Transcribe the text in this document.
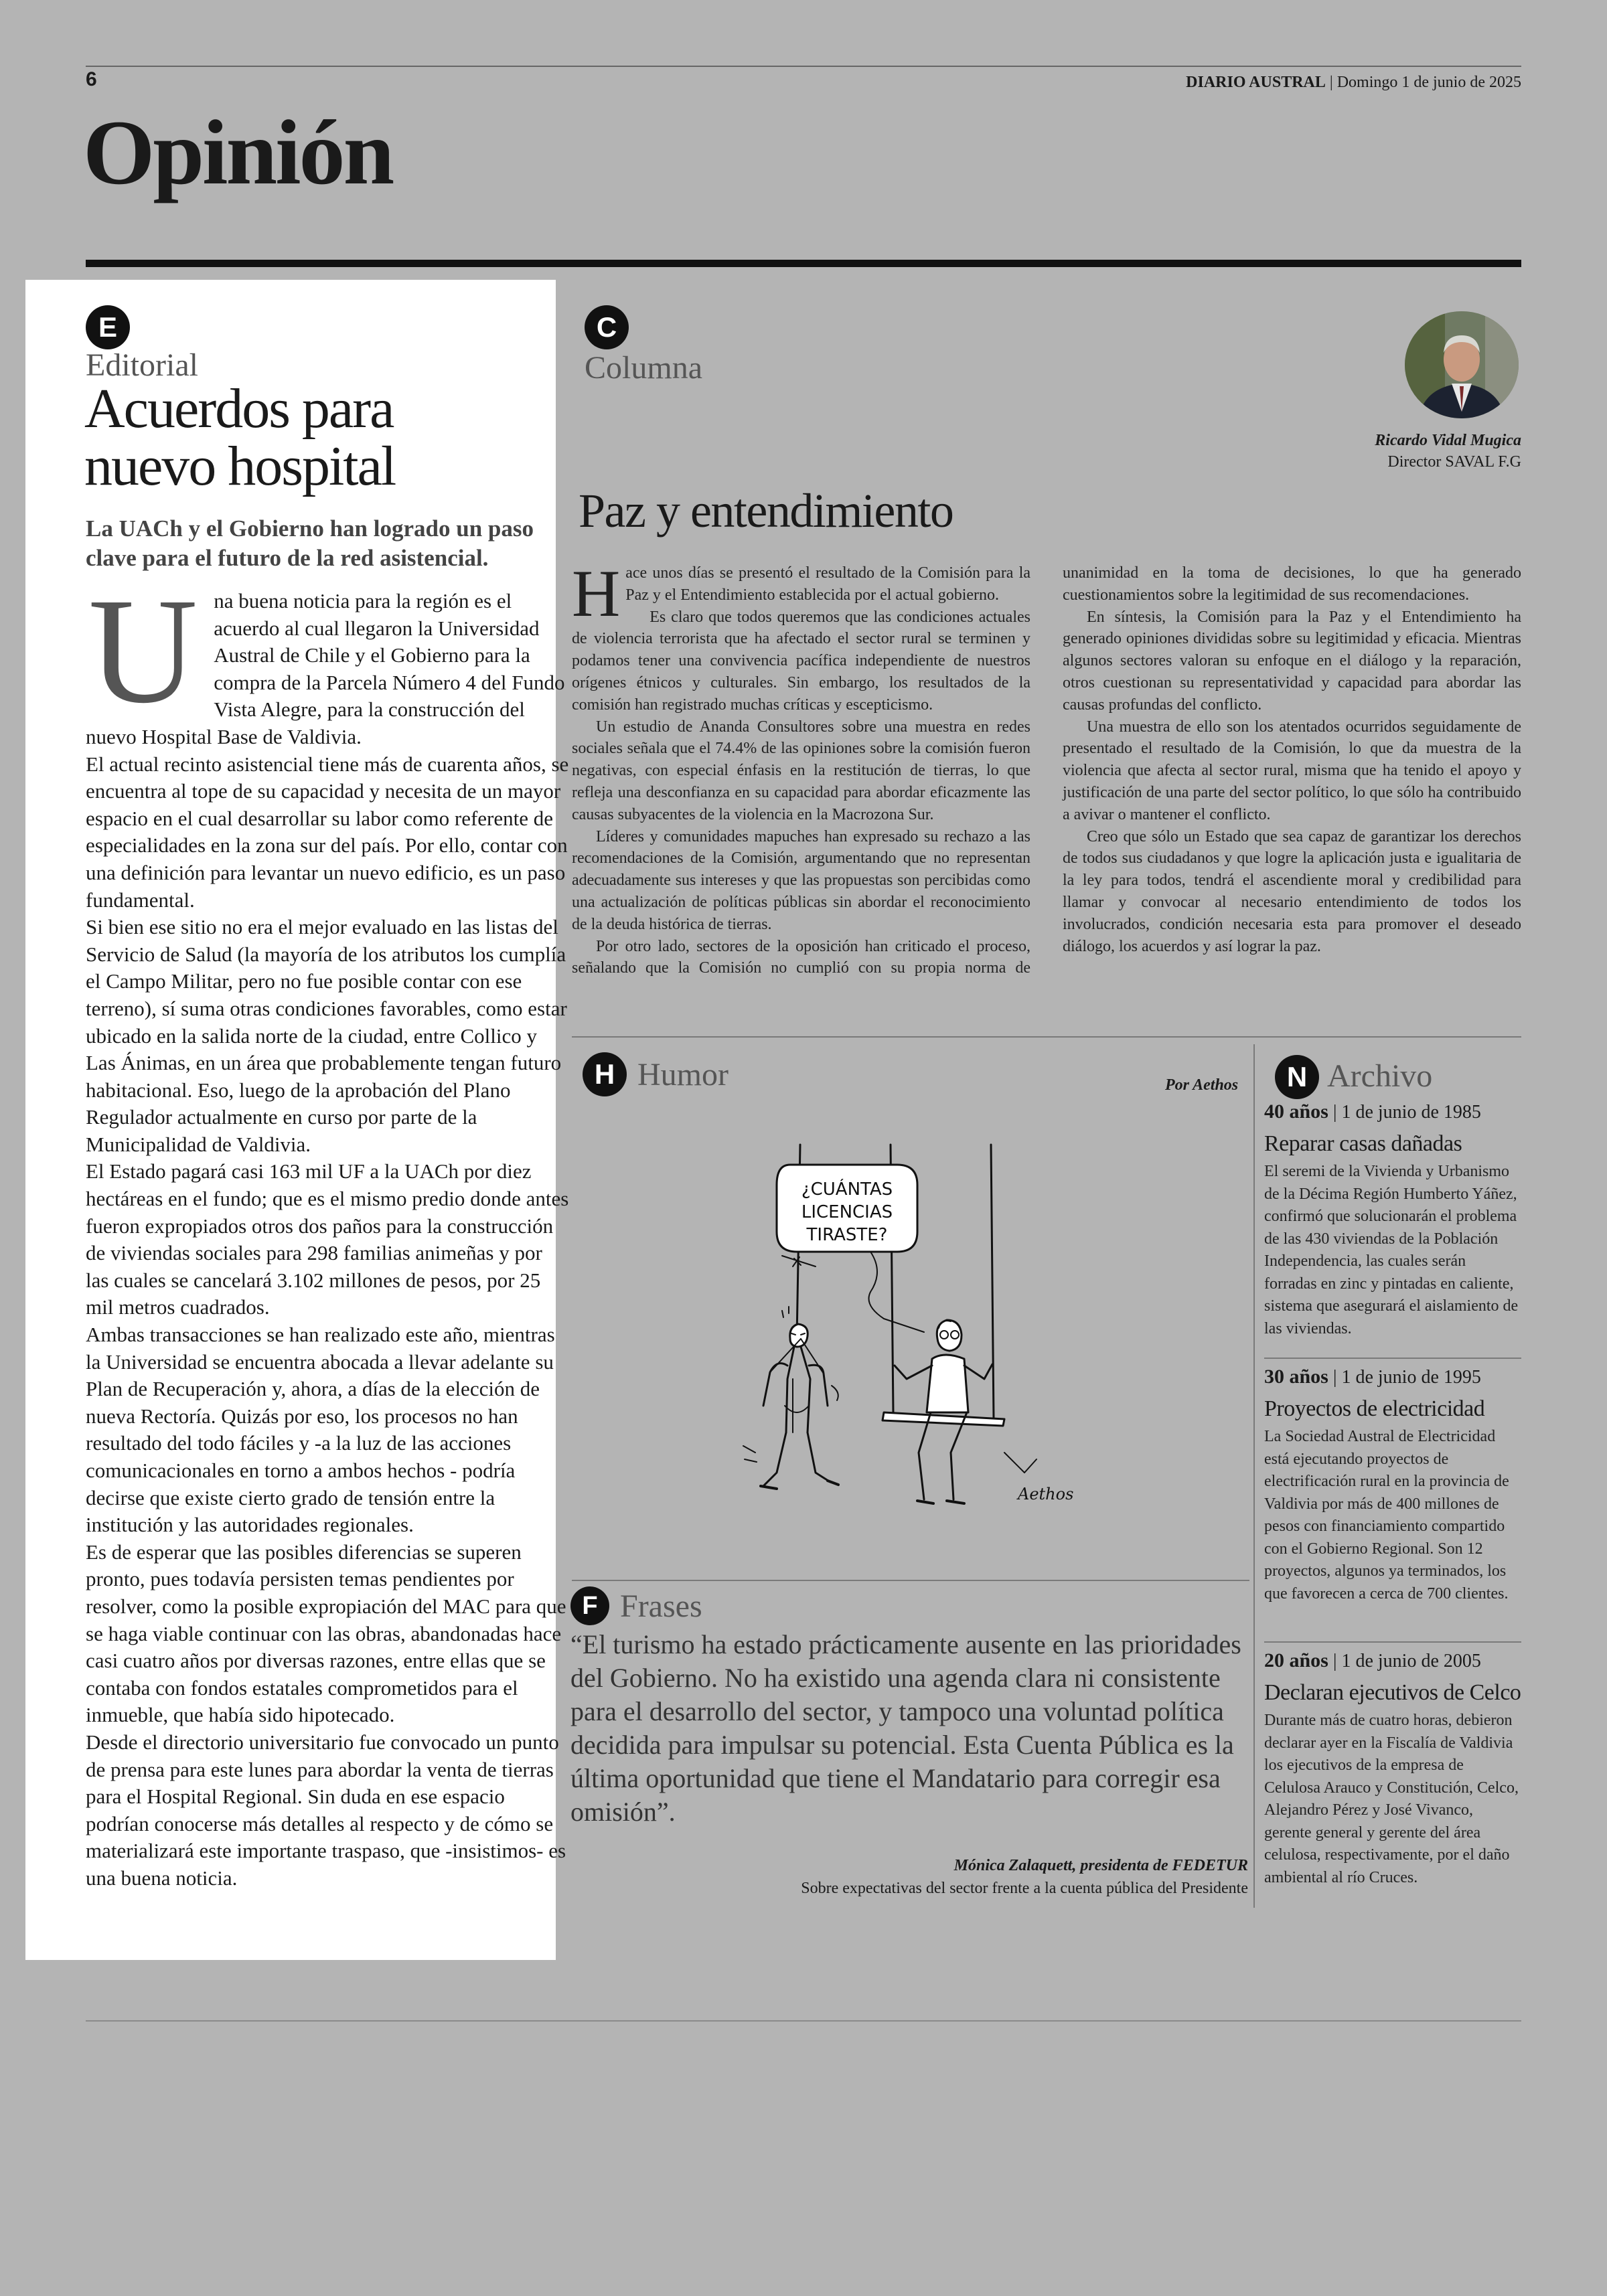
6	DIARIO AUSTRAL | Domingo 1 de junio de 2025
Opinión
E
Editorial
Acuerdos para
nuevo hospital
La UACh y el Gobierno han logrado un paso clave para el futuro de la red asistencial.

Una buena noticia para la región es el acuerdo al cual llegaron la Universidad Austral de Chile y el Gobierno para la compra de la Parcela Número 4 del Fundo Vista Alegre, para la construcción del nuevo Hospital Base de Valdivia.

El actual recinto asistencial tiene más de cuarenta años, se encuentra al tope de su capacidad y necesita de un mayor espacio en el cual desarrollar su labor como referente de especialidades en la zona sur del país. Por ello, contar con una definición para levantar un nuevo edificio, es un paso fundamental.

Si bien ese sitio no era el mejor evaluado en las listas del Servicio de Salud (la mayoría de los atributos los cumplía el Campo Militar, pero no fue posible contar con ese terreno), sí suma otras condiciones favorables, como estar ubicado en la salida norte de la ciudad, entre Collico y Las Ánimas, en un área que probablemente tengan futuro habitacional. Eso, luego de la aprobación del Plano Regulador actualmente en curso por parte de la Municipalidad de Valdivia.

El Estado pagará casi 163 mil UF a la UACh por diez hectáreas en el fundo; que es el mismo predio donde antes fueron expropiados otros dos paños para la construcción de viviendas sociales para 298 familias animeñas y por las cuales se cancelará 3.102 millones de pesos, por 25 mil metros cuadrados.

Ambas transacciones se han realizado este año, mientras la Universidad se encuentra abocada a llevar adelante su Plan de Recuperación y, ahora, a días de la elección de nueva Rectoría. Quizás por eso, los procesos no han resultado del todo fáciles y -a la luz de las acciones comunicacionales en torno a ambos hechos - podría decirse que existe cierto grado de tensión entre la institución y las autoridades regionales.

Es de esperar que las posibles diferencias se superen pronto, pues todavía persisten temas pendientes por resolver, como la posible expropiación del MAC para que se haga viable continuar con las obras, abandonadas hace casi cuatro años por diversas razones, entre ellas que se contaba con fondos estatales comprometidos para el inmueble, que había sido hipotecado.

Desde el directorio universitario fue convocado un punto de prensa para este lunes para abordar la venta de tierras para el Hospital Regional. Sin duda en ese espacio podrían conocerse más detalles al respecto y de cómo se materializará este importante traspaso, que -insistimos- es una buena noticia.

C
Columna
Ricardo Vidal Mugica
Director SAVAL F.G
Paz y entendimiento

Hace unos días se presentó el resultado de la Comisión para la Paz y el Entendimiento establecida por el actual gobierno.

Es claro que todos queremos que las condiciones actuales de violencia terrorista que ha afectado el sector rural se terminen y podamos tener una convivencia pacífica independiente de nuestros orígenes étnicos y culturales. Sin embargo, los resultados de la comisión han registrado muchas críticas y escepticismo.

Un estudio de Ananda Consultores sobre una muestra en redes sociales señala que el 74.4% de las opiniones sobre la comisión fueron negativas, con especial énfasis en la restitución de tierras, lo que refleja una desconfianza en su capacidad para abordar eficazmente las causas subyacentes de la violencia en la Macrozona Sur.

Líderes y comunidades mapuches han expresado su rechazo a las recomendaciones de la Comisión, argumentando que no representan adecuadamente sus intereses y que las propuestas son percibidas como una actualización de políticas públicas sin abordar el reconocimiento de la deuda histórica de tierras.

Por otro lado, sectores de la oposición han criticado el proceso, señalando que la Comisión no cumplió con su propia norma de unanimidad en la toma de decisiones, lo que ha generado cuestionamientos sobre la legitimidad de sus recomendaciones.

En síntesis, la Comisión para la Paz y el Entendimiento ha generado opiniones divididas sobre su legitimidad y eficacia. Mientras algunos sectores valoran su enfoque en el diálogo y la reparación, otros cuestionan su representatividad y capacidad para abordar las causas profundas del conflicto.

Una muestra de ello son los atentados ocurridos seguidamente de presentado el resultado de la Comisión, lo que da muestra de la violencia que afecta al sector rural, misma que ha tenido el apoyo y justificación de una parte del sector político, lo que sólo ha contribuido a avivar o mantener el conflicto.

Creo que sólo un Estado que sea capaz de garantizar los derechos de todos sus ciudadanos y que logre la aplicación justa e igualitaria de la ley para todos, tendrá el ascendiente moral y credibilidad para llamar y convocar al necesario entendimiento de todos los involucrados, condición necesaria esta para promover el deseado diálogo, los acuerdos y así lograr la paz.

H Humor	Por Aethos
¿CUÁNTAS
LICENCIAS
TIRASTE?
Aethos
F Frases
“El turismo ha estado prácticamente ausente en las prioridades del Gobierno. No ha existido una agenda clara ni consistente para el desarrollo del sector, y tampoco una voluntad política decidida para impulsar su potencial. Esta Cuenta Pública es la última oportunidad que tiene el Mandatario para corregir esa omisión”.
Mónica Zalaquett, presidenta de FEDETUR
Sobre expectativas del sector frente a la cuenta pública del Presidente
N Archivo
40 años | 1 de junio de 1985
Reparar casas dañadas
El seremi de la Vivienda y Urbanismo de la Décima Región Humberto Yáñez, confirmó que solucionarán el problema de las 430 viviendas de la Población Independencia, las cuales serán forradas en zinc y pintadas en caliente, sistema que asegurará el aislamiento de las viviendas.
30 años | 1 de junio de 1995
Proyectos de electricidad
La Sociedad Austral de Electricidad está ejecutando proyectos de electrificación rural en la provincia de Valdivia por más de 400 millones de pesos con financiamiento compartido con el Gobierno Regional. Son 12 proyectos, algunos ya terminados, los que favorecen a cerca de 700 clientes.
20 años | 1 de junio de 2005
Declaran ejecutivos de Celco
Durante más de cuatro horas, debieron declarar ayer en la Fiscalía de Valdivia los ejecutivos de la empresa de Celulosa Arauco y Constitución, Celco, Alejandro Pérez y José Vivanco, gerente general y gerente del área celulosa, respectivamente, por el daño ambiental al río Cruces.
